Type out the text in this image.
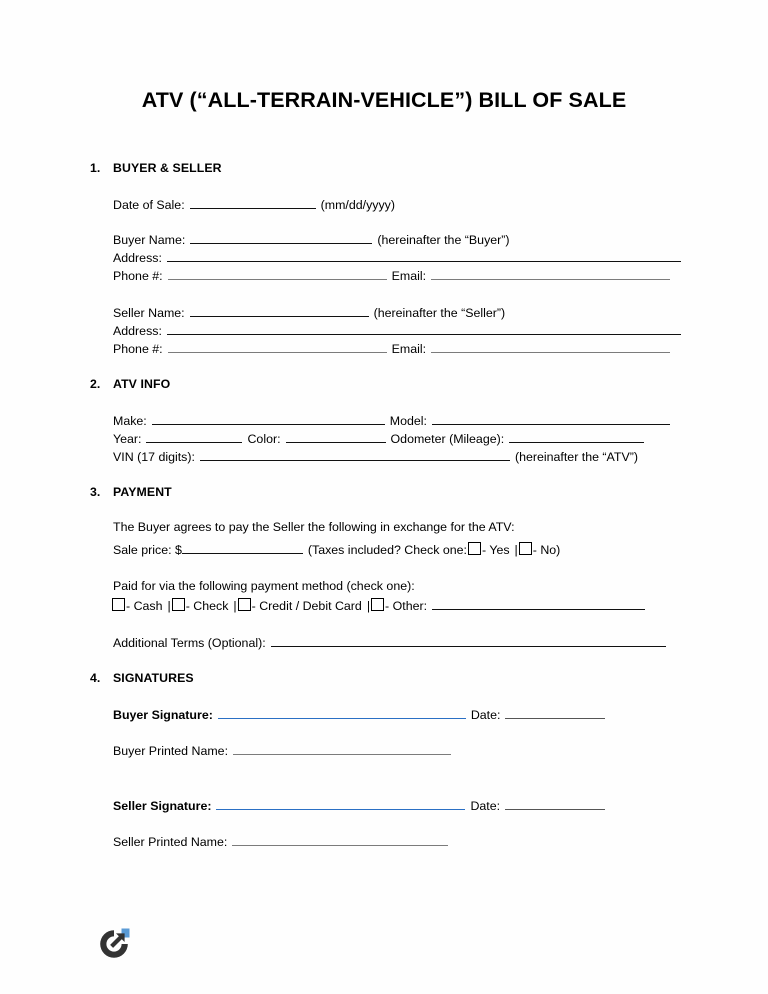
ATV (“ALL-TERRAIN-VEHICLE”) BILL OF SALE
1. BUYER & SELLER
Date of Sale:	(mm/dd/yyyy)
Buyer Name:	(hereinafter the “Buyer”)
Address:
Phone #:	Email:
Seller Name:	(hereinafter the “Seller”)
Address:
Phone #:	Email:
2. ATV INFO
Make:	Model:
Year:	Color:	Odometer (Mileage):
VIN (17 digits):	(hereinafter the “ATV”)
3. PAYMENT
The Buyer agrees to pay the Seller the following in exchange for the ATV:
Sale price: $	(Taxes included? Check one: - Yes | - No)
Paid for via the following payment method (check one):
- Cash | - Check | - Credit / Debit Card | - Other:
Additional Terms (Optional):
4. SIGNATURES
Buyer Signature:	Date:
Buyer Printed Name:
Seller Signature:	Date:
Seller Printed Name:
